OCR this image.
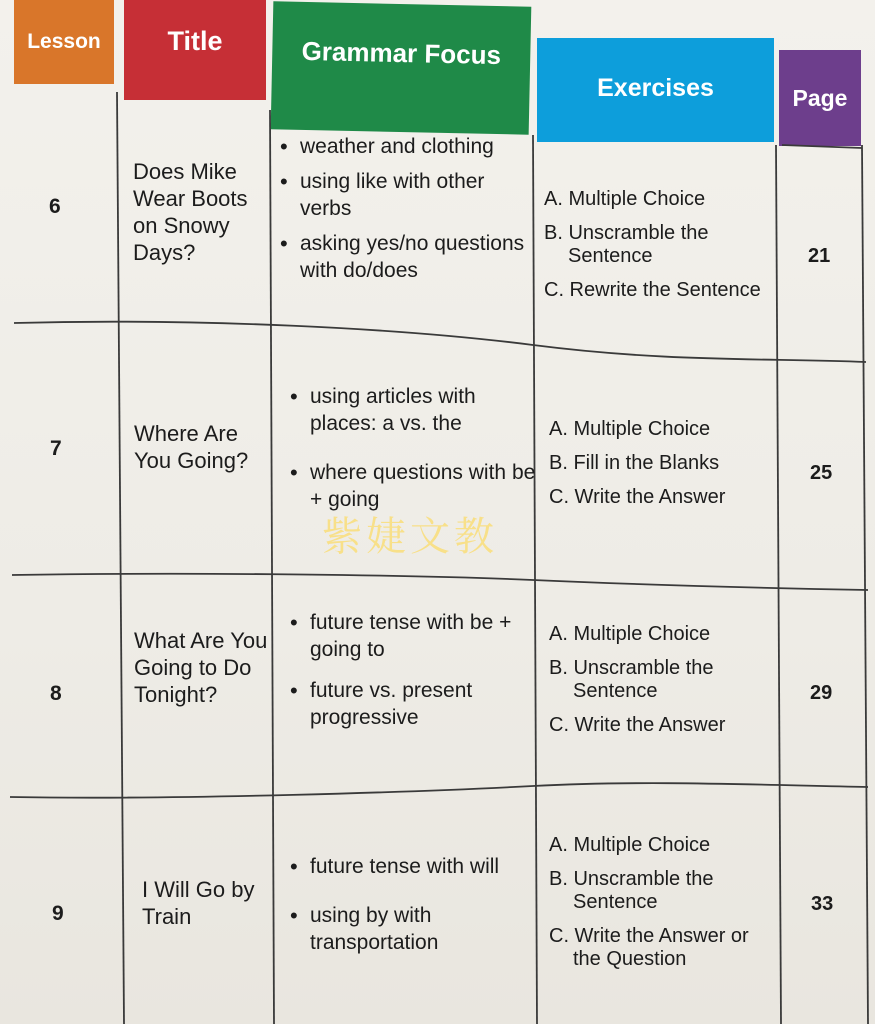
Lesson Title	Grammar Focus
Exercises	Page
6
Does Mike Wear Boots on Snowy Days?
• weather and clothing
• using like with other verbs
• asking yes/no questions with do/does
A. Multiple Choice
B. Unscramble the Sentence
C. Rewrite the Sentence
21
7
Where Are You Going?
• using articles with places: a vs. the
• where questions with be + going
A. Multiple Choice
B. Fill in the Blanks
C. Write the Answer
25
8
What Are You Going to Do Tonight?
• future tense with be + going to
• future vs. present progressive
A. Multiple Choice
B. Unscramble the Sentence
C. Write the Answer
29
9
I Will Go by Train
• future tense with will
• using by with transportation
A. Multiple Choice
B. Unscramble the Sentence
C. Write the Answer or the Question
33
紫婕文教
